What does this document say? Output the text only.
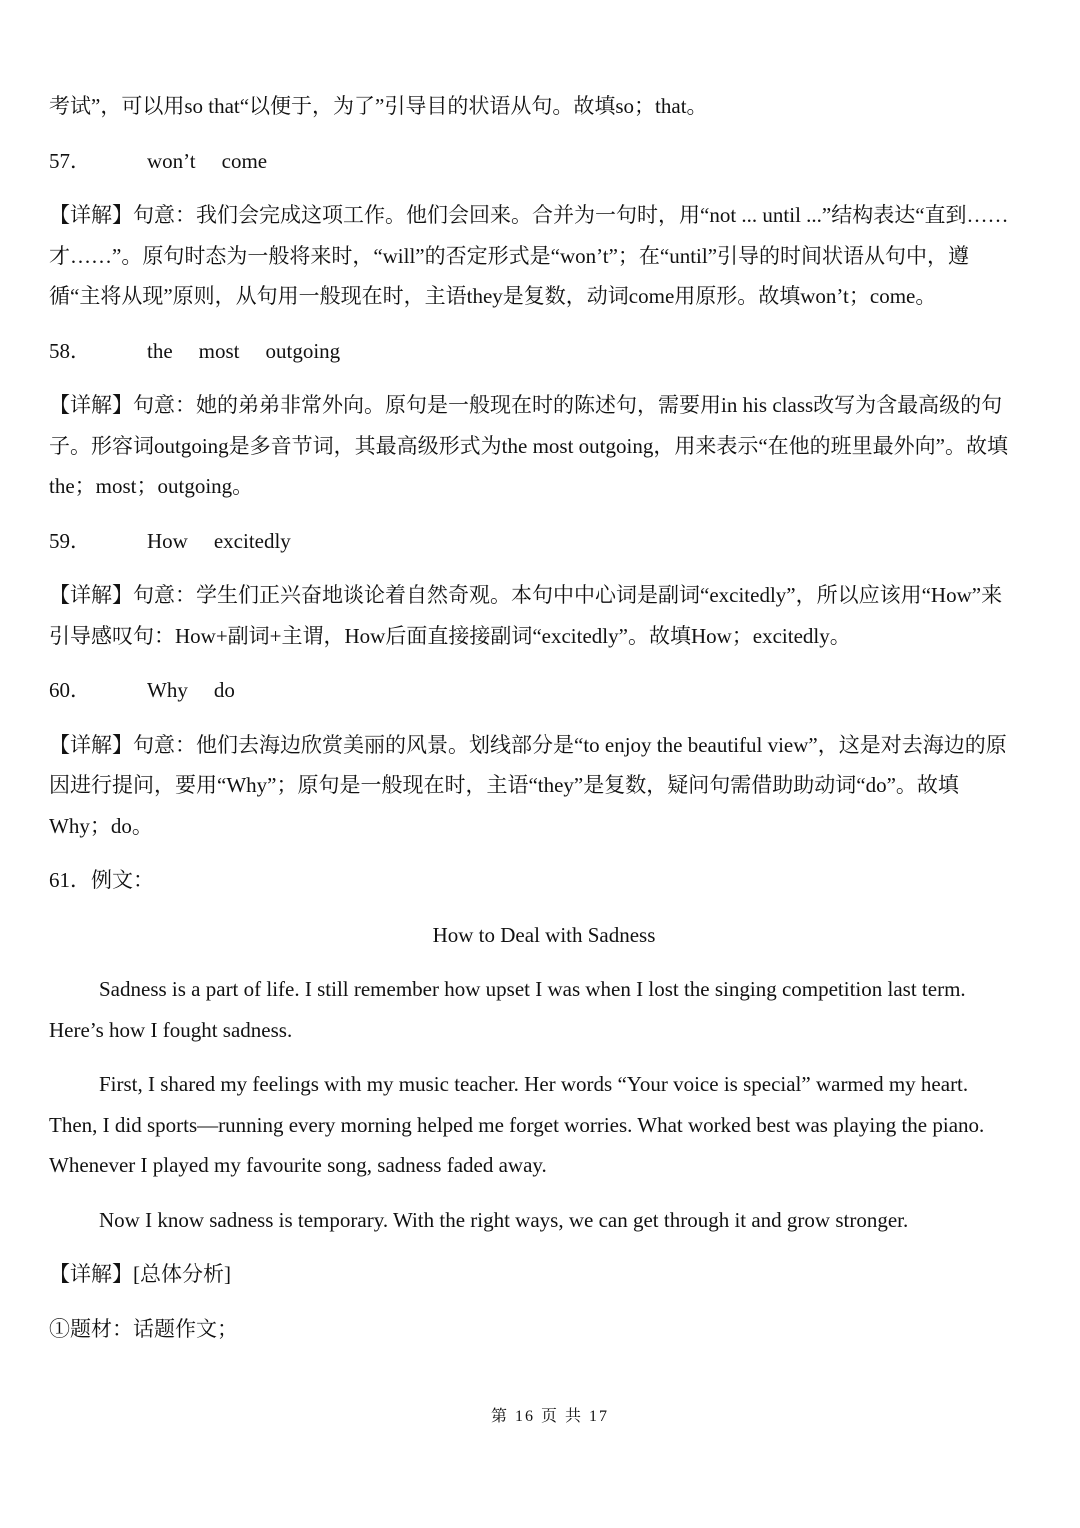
考试”，可以用so that“以便于，为了”引导目的状语从句。故填so；that。

57．	won’t come

【详解】句意：我们会完成这项工作。他们会回来。合并为一句时，用“not ... until ...”结构表达“直到……才……”。原句时态为一般将来时，“will”的否定形式是“won’t”；在“until”引导的时间状语从句中，遵循“主将从现”原则，从句用一般现在时，主语they是复数，动词come用原形。故填won’t；come。

58．	the most outgoing

【详解】句意：她的弟弟非常外向。原句是一般现在时的陈述句，需要用in his class改写为含最高级的句子。形容词outgoing是多音节词，其最高级形式为the most outgoing，用来表示“在他的班里最外向”。故填the；most；outgoing。

59．	How excitedly

【详解】句意：学生们正兴奋地谈论着自然奇观。本句中中心词是副词“excitedly”，所以应该用“How”来引导感叹句：How+副词+主谓，How后面直接接副词“excitedly”。故填How；excitedly。

60．	Why do

【详解】句意：他们去海边欣赏美丽的风景。划线部分是“to enjoy the beautiful view”，这是对去海边的原因进行提问，要用“Why”；原句是一般现在时，主语“they”是复数，疑问句需借助助动词“do”。故填Why；do。

61．例文：

How to Deal with Sadness

Sadness is a part of life. I still remember how upset I was when I lost the singing competition last term. Here’s how I fought sadness.

First, I shared my feelings with my music teacher. Her words “Your voice is special” warmed my heart. Then, I did sports—running every morning helped me forget worries. What worked best was playing the piano. Whenever I played my favourite song, sadness faded away.

Now I know sadness is temporary. With the right ways, we can get through it and grow stronger.

【详解】[总体分析]

①题材：话题作文；

第 16 页 共 17
